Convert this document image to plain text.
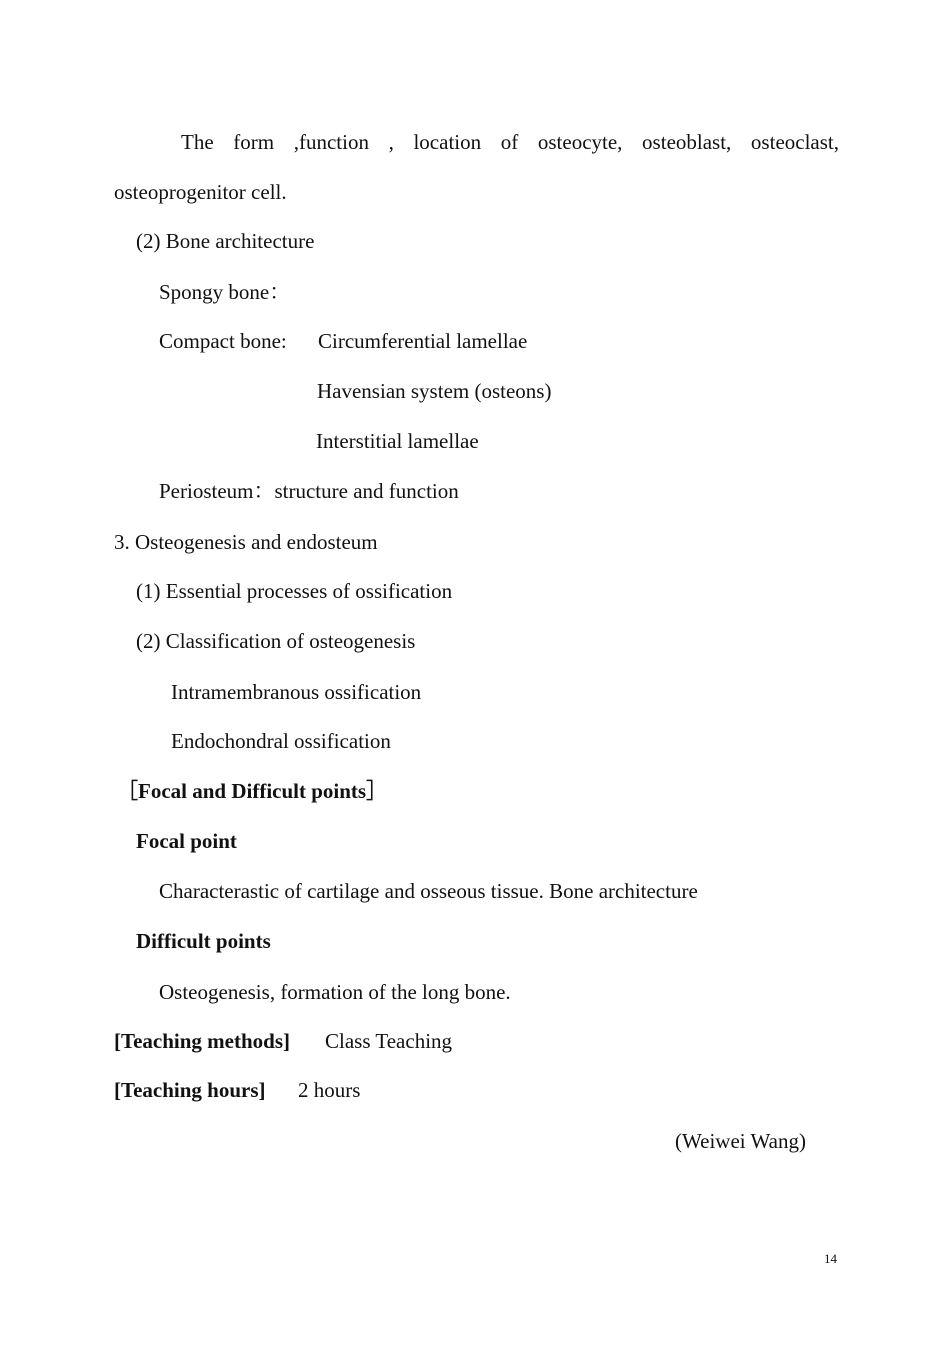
The form ,function , location of osteocyte, osteoblast, osteoclast,
osteoprogenitor cell.
(2) Bone architecture
Spongy bone：
Compact bone: Circumferential lamellae
Havensian system (osteons)
Interstitial lamellae
Periosteum：structure and function
3. Osteogenesis and endosteum
(1) Essential processes of ossification
(2) Classification of osteogenesis
Intramembranous ossification
Endochondral ossification
［Focal and Difficult points］
Focal point
Characterastic of cartilage and osseous tissue. Bone architecture
Difficult points
Osteogenesis, formation of the long bone.
[Teaching methods] Class Teaching
[Teaching hours] 2 hours
(Weiwei Wang)
14
